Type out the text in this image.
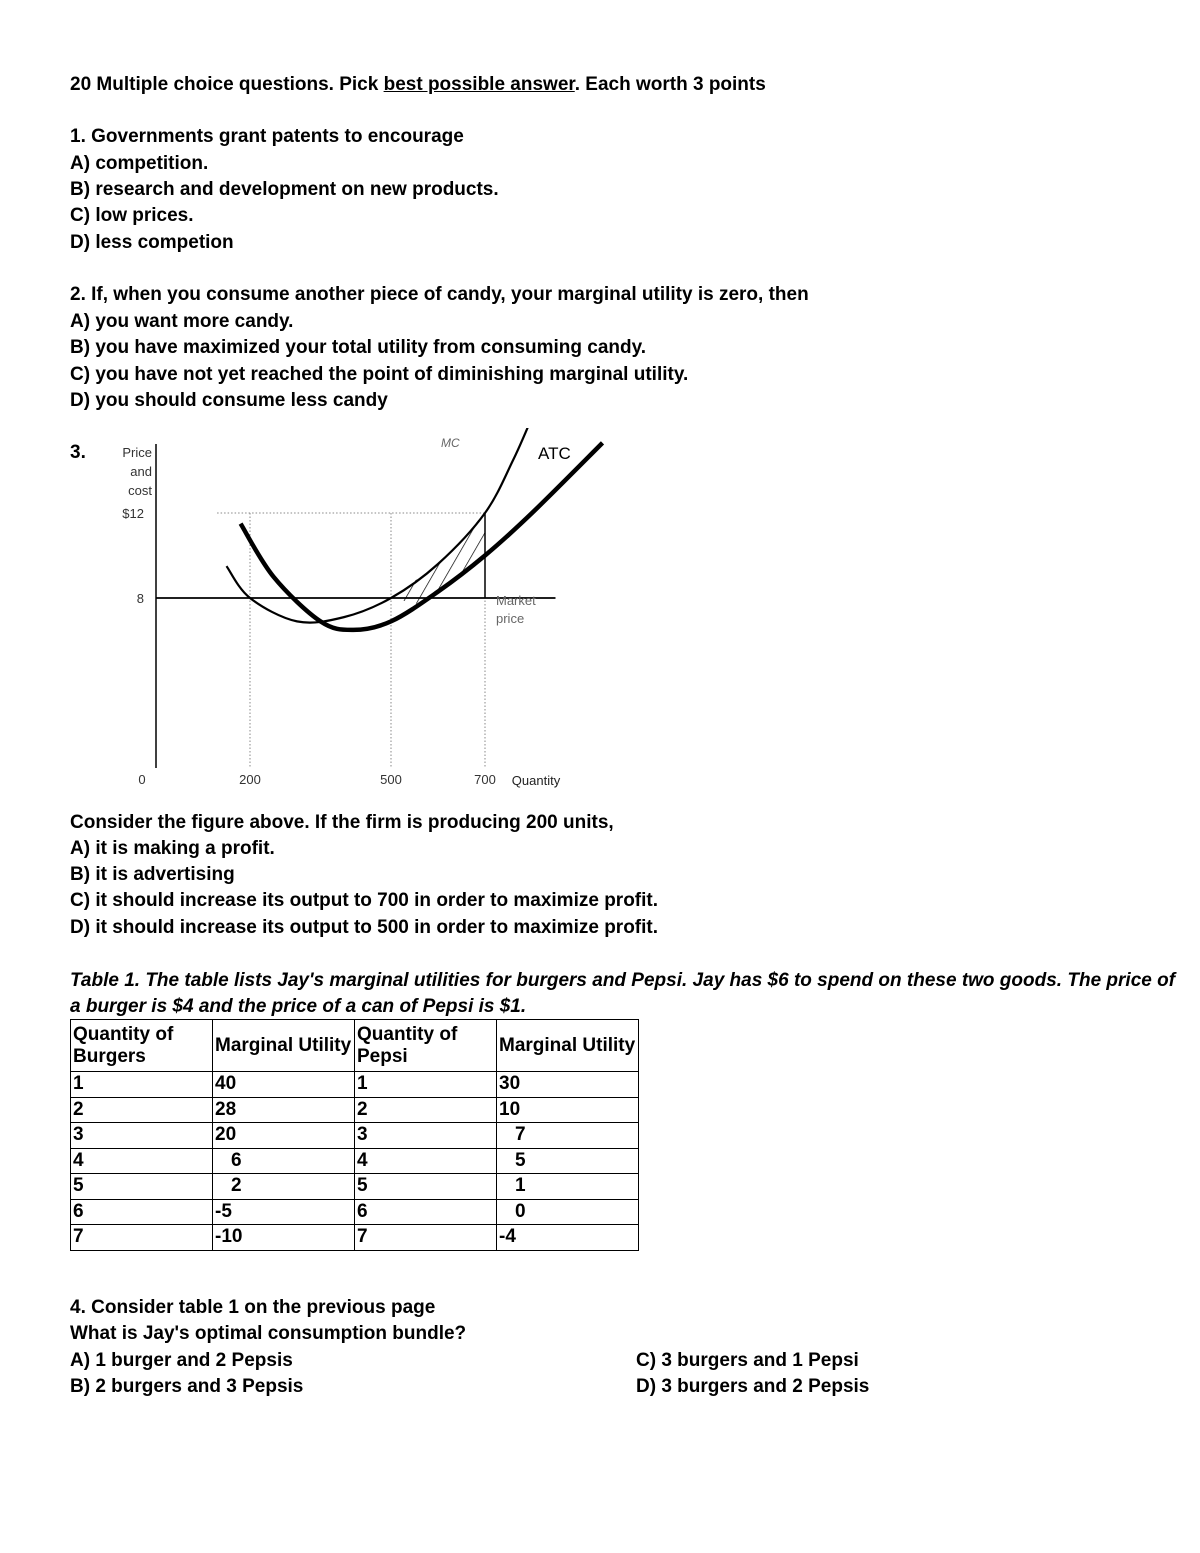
20 Multiple choice questions. Pick best possible answer. Each worth 3 points
1. Governments grant patents to encourage
A) competition.
B) research and development on new products.
C) low prices.
D) less competion
2. If, when you consume another piece of candy, your marginal utility is zero, then
A) you want more candy.
B) you have maximized your total utility from consuming candy.
C) you have not yet reached the point of diminishing marginal utility.
D) you should consume less candy
3.	Price
and
cost
$12
8
0	200	500	700 Quantity
MC
ATC
Market
price
Consider the figure above. If the firm is producing 200 units,
A) it is making a profit.
B) it is advertising
C) it should increase its output to 700 in order to maximize profit.
D) it should increase its output to 500 in order to maximize profit.
Table 1. The table lists Jay's marginal utilities for burgers and Pepsi. Jay has $6 to spend on these two goods. The price of
a burger is $4 and the price of a can of Pepsi is $1.
Quantity of Burgers	Marginal Utility	Quantity of Pepsi	Marginal Utility
1	40	1	30
2	28	2	10
3	20	3	7
4	6	4	5
5	2	5	1
6	-5	6	0
7	-10	7	-4
4. Consider table 1 on the previous page
What is Jay's optimal consumption bundle?
A) 1 burger and 2 Pepsis
B) 2 burgers and 3 Pepsis
C) 3 burgers and 1 Pepsi
D) 3 burgers and 2 Pepsis
